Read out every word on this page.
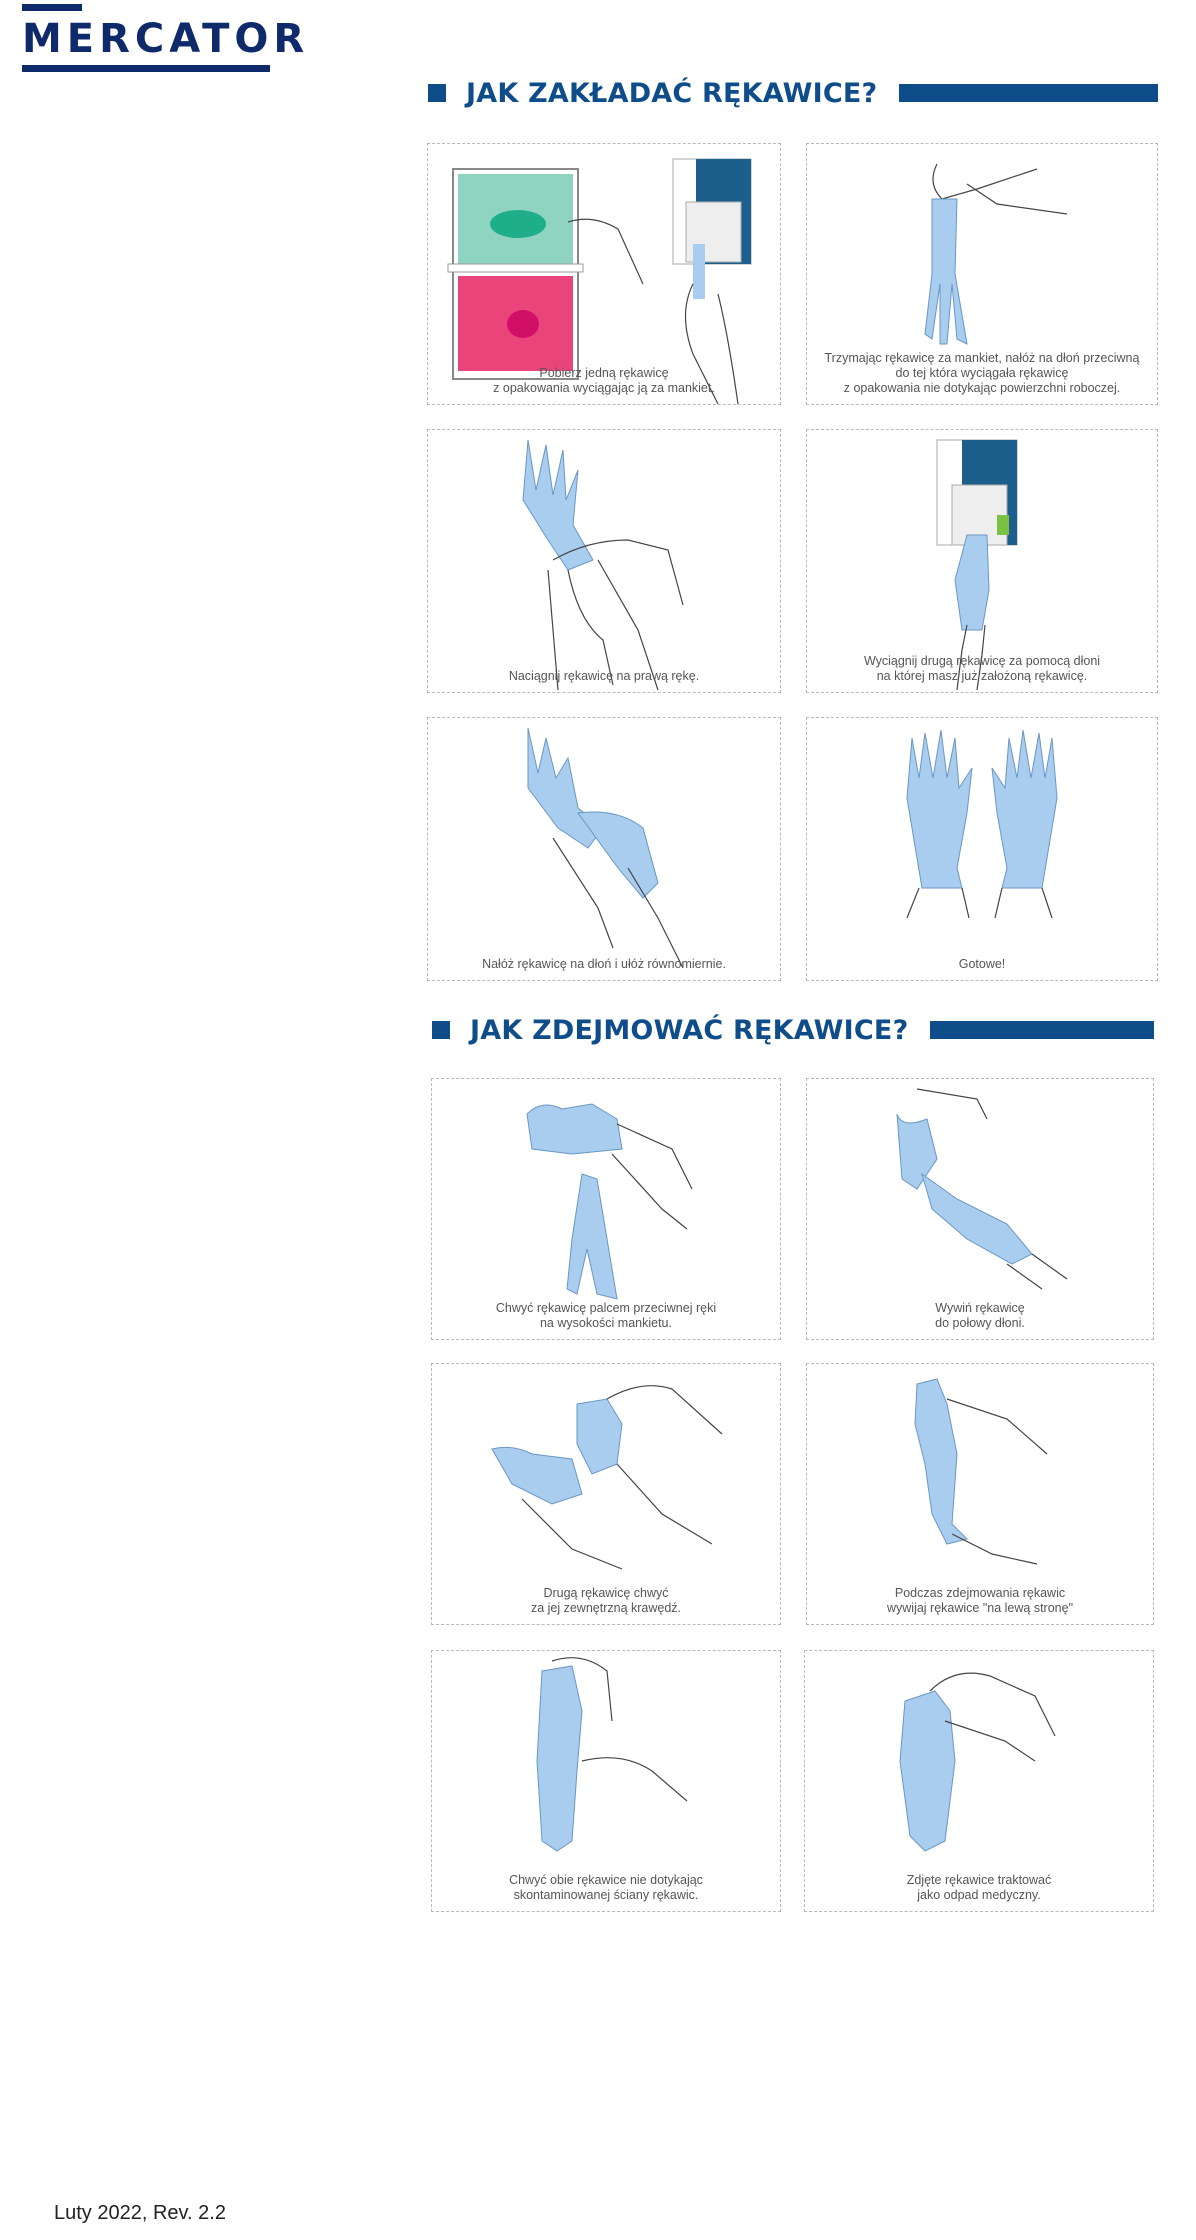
MERCATOR
JAK ZAKŁADAĆ RĘKAWICE?
Pobierz jedną rękawicę
z opakowania wyciągając ją za mankiet.
Trzymając rękawicę za mankiet, nałóż na dłoń przeciwną
do tej która wyciągała rękawicę
z opakowania nie dotykając powierzchni roboczej.
Naciągnij rękawicę na prawą rękę.
Wyciągnij drugą rękawicę za pomocą dłoni
na której masz już założoną rękawicę.
Nałóż rękawicę na dłoń i ułóż równomiernie.	Gotowe!
JAK ZDEJMOWAĆ RĘKAWICE?
Chwyć rękawicę palcem przeciwnej ręki
na wysokości mankietu.
Wywiń rękawicę
do połowy dłoni.
Drugą rękawicę chwyć
za jej zewnętrzną krawędź.
Podczas zdejmowania rękawic
wywijaj rękawice "na lewą stronę"
Chwyć obie rękawice nie dotykając
skontaminowanej ściany rękawic.
Zdjęte rękawice traktować
jako odpad medyczny.
Luty 2022, Rev. 2.2
